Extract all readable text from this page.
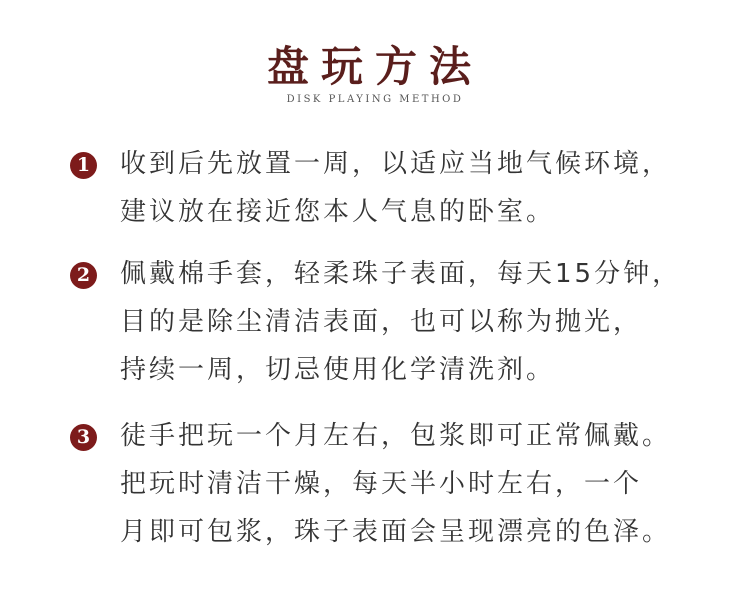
盘玩方法
DISK PLAYING METHOD
1 收到后先放置一周，以适应当地气候环境，
建议放在接近您本人气息的卧室。
2 佩戴棉手套，轻柔珠子表面，每天15分钟，
目的是除尘清洁表面，也可以称为抛光，
持续一周，切忌使用化学清洗剂。
3 徒手把玩一个月左右，包浆即可正常佩戴。
把玩时清洁干燥，每天半小时左右，一个
月即可包浆，珠子表面会呈现漂亮的色泽。
